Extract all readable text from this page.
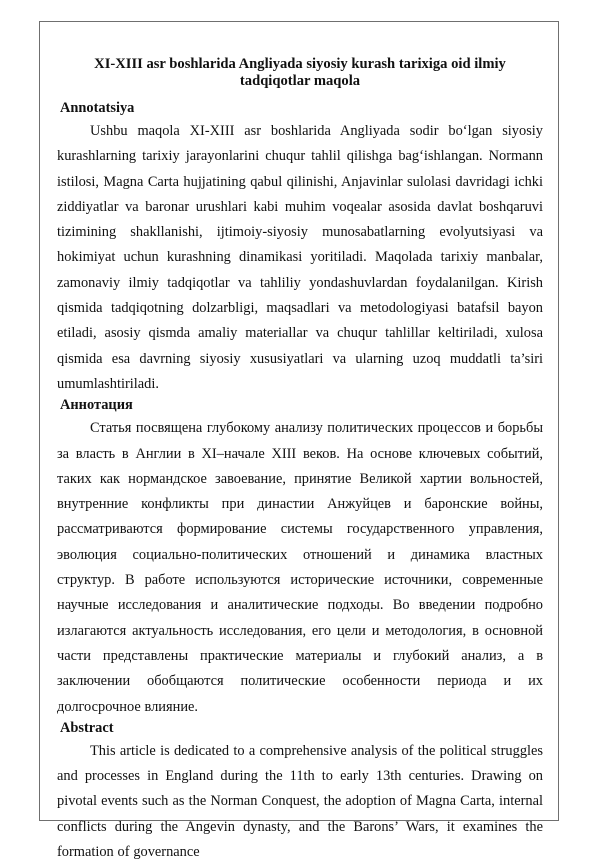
XI-XIII asr boshlarida Angliyada siyosiy kurash tarixiga oid ilmiy tadqiqotlar maqola
Annotatsiya

Ushbu maqola XI-XIII asr boshlarida Angliyada sodir bo‘lgan siyosiy kurashlarning tarixiy jarayonlarini chuqur tahlil qilishga bag‘ishlangan. Normann istilosi, Magna Carta hujjatining qabul qilinishi, Anjavinlar sulolasi davridagi ichki ziddiyatlar va baronar urushlari kabi muhim voqealar asosida davlat boshqaruvi tizimining shakllanishi, ijtimoiy-siyosiy munosabatlarning evolyutsiyasi va hokimiyat uchun kurashning dinamikasi yoritiladi. Maqolada tarixiy manbalar, zamonaviy ilmiy tadqiqotlar va tahliliy yondashuvlardan foydalanilgan. Kirish qismida tadqiqotning dolzarbligi, maqsadlari va metodologiyasi batafsil bayon etiladi, asosiy qismda amaliy materiallar va chuqur tahlillar keltiriladi, xulosa qismida esa davrning siyosiy xususiyatlari va ularning uzoq muddatli ta’siri umumlashtiriladi.

Аннотация

Статья посвящена глубокому анализу политических процессов и борьбы за власть в Англии в XI–начале XIII веков. На основе ключевых событий, таких как нормандское завоевание, принятие Великой хартии вольностей, внутренние конфликты при династии Анжуйцев и баронские войны, рассматриваются формирование системы государственного управления, эволюция социально-политических отношений и динамика властных структур. В работе используются исторические источники, современные научные исследования и аналитические подходы. Во введении подробно излагаются актуальность исследования, его цели и методология, в основной части представлены практические материалы и глубокий анализ, а в заключении обобщаются политические особенности периода и их долгосрочное влияние.

Abstract

This article is dedicated to a comprehensive analysis of the political struggles and processes in England during the 11th to early 13th centuries. Drawing on pivotal events such as the Norman Conquest, the adoption of Magna Carta, internal conflicts during the Angevin dynasty, and the Barons’ Wars, it examines the formation of governance
